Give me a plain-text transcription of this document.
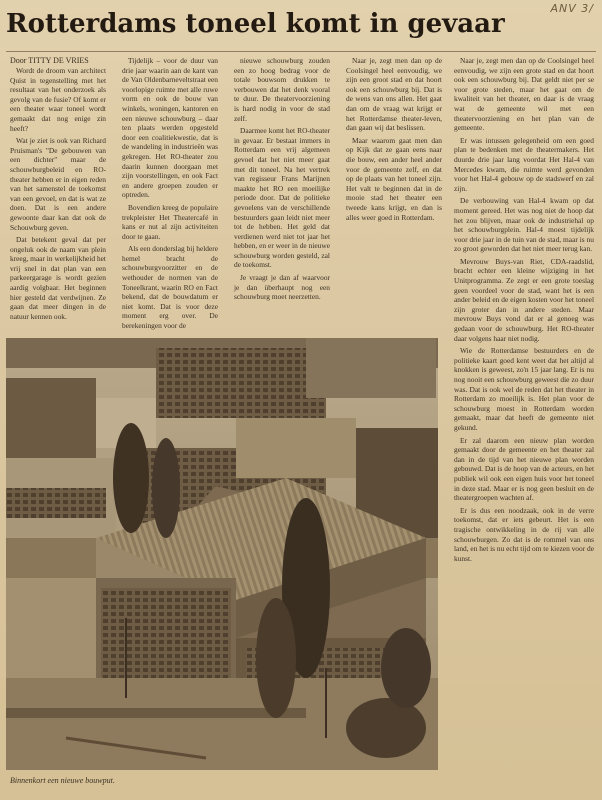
ANV 3/
Rotterdams toneel komt in gevaar
Door TITTY DE VRIES

Wordt de droom van architect Quist in tegenstelling met het resultaat van het onderzoek als gevolg van de fusie? Of komt er een theater waar toneel wordt gemaakt dat nog enige zin heeft?

Wat je ziet is ook van Richard Pruisman's "De gebouwen van een dichter" maar de schouwburgbeleid en RO-theater hebben er in eigen reden van het samenstel de toekomst van een gevoel, en dat is wat ze doen. Dat is een andere gewoonte daar kan dat ook de Schouwburg geven.

Dat betekent geval dat per ongeluk ook de naam van plein kreeg, maar in werkelijkheid het vrij snel in dat plan van een parkeergarage is wordt gezien aardig volgbaar. Het beginnen hier gesteld dat verdwijnen. Ze gaan dat meer dingen in de natuur kennen ook.

Tijdelijk – voor de duur van drie jaar waarin aan de kant van de Van Oldenbarneveltstraat een voorlopige ruimte met alle ruwe vorm en ook de bouw van winkels, woningen, kantoren en een nieuwe schouwburg – daar ten plaats werden opgesteld door een coalitiekwestie, dat is de wandeling in industrieën was gekregen. Het RO-theater zou daarin kunnen doorgaan met zijn voorstellingen, en ook Fact en andere groepen zouden er optreden.

Bovendien kreeg de populaire trekpleister Het Theatercafé in kans er nut al zijn activiteiten door te gaan.

Als een donderslag bij heldere hemel bracht de schouwburgvoorzitter en de wethouder de normen van de Toneelkrant, waarin RO en Fact bekend, dat de bouwdatum er niet komt. Dat is voor deze moment erg over. De berekeningen voor de

nieuwe schouwburg zouden een zo hoog bedrag voor de totale bouwsom drukken te verbouwen dat het denk vooral te duur. De theatervoorziening is hard nodig in voor de stad zelf.

Daarmee komt het RO-theater in gevaar. Er bestaat immers in Rotterdam een vrij algemeen gevoel dat het niet meer gaat met dit toneel. Na het vertrek van regisseur Frans Marijnen maakte het RO een moeilijke periode door. Dat de politieke gevoelens van de verschillende bestuurders gaan leidt niet meer tot de hebben. Het geld dat verdienen werd niet tot jaar het hebben, en er weer in de nieuwe schouwburg worden gesteld, zal de toekomst.

Je vraagt je dan af waarvoor je dan überhaupt nog een schouwburg moet neerzetten.

Naar je, zegt men dan op de Coolsingel heel eenvoudig, we zijn een groot stad en dat hoort ook een schouwburg bij. Dat is de wens van ons allen. Het gaat dan om de vraag wat krijgt er het Rotterdamse theater-leven, dan gaan wij dat beslissen.

Maar waarom gaat men dan op Kijk dat ze gaan eens naar die bouw, een ander heel ander voor de gemeente zelf, en dat op de plaats van het toneel zijn. Het valt te beginnen dat in de mooie stad het theater een tweede kans krijgt, en dan is alles weer goed in Rotterdam.

Naar je, zegt men dan op de Coolsingel heel eenvoudig, we zijn een grote stad en dat hoort ook een schouwburg bij. Dat geldt niet per se voor grote steden, maar het gaat om de kwaliteit van het theater, en daar is de vraag wat de gemeente wil met een theatervoorziening en het plan van de gemeente.

Er was intussen gelegenheid om een goed plan te bedenken met de theatermakers. Het duurde drie jaar lang voordat Het Hal-4 van Mercedes kwam, die ruimte werd gevonden voor het Hal-4 gebouw op de stadswerf en zal zijn.

De verbouwing van Hal-4 kwam op dat moment gereed. Het was nog niet de hoop dat het zou blijven, maar ook de industriehal op het schouwburgplein. Hal-4 moest tijdelijk voor drie jaar in de tuin van de stad, maar is nu zo groot geworden dat het niet meer terug kan.

Mevrouw Buys-van Riet, CDA-raadslid, bracht echter een kleine wijziging in het Unitprogramma. Ze zegt er een grote toeslag geen voordeel voor de stad, want het is een ander beleid en de eigen kosten voor het toneel zijn groter dan in andere steden. Maar mevrouw Buys vond dat er al genoeg was gedaan voor de schouwburg. Het RO-theater daar volgens haar niet nodig.

Wie de Rotterdamse bestuurders en de politieke kaart goed kent weet dat het altijd al knokken is geweest, zo'n 15 jaar lang. Er is nu nog nooit een schouwburg geweest die zo duur was. Dat is ook wel de reden dat het theater in Rotterdam zo moeilijk is. Het plan voor de schouwburg moest in Rotterdam worden gemaakt, maar dat heeft de gemeente niet gekund.

Er zal daarom een nieuw plan worden gemaakt door de gemeente en het theater zal dan in de tijd van het nieuwe plan worden gebouwd. Dat is de hoop van de acteurs, en het publiek wil ook een eigen huis voor het toneel in deze stad. Maar er is nog geen besluit en de theatergroepen wachten af.

Er is dus een noodzaak, ook in de verre toekomst, dat er iets gebeurt. Het is een tragische ontwikkeling in de rij van alle schouwburgen. Zo dat is de rommel van ons land, en het is nu echt tijd om te kiezen voor de kunst.

Binnenkort een nieuwe bouwput.
